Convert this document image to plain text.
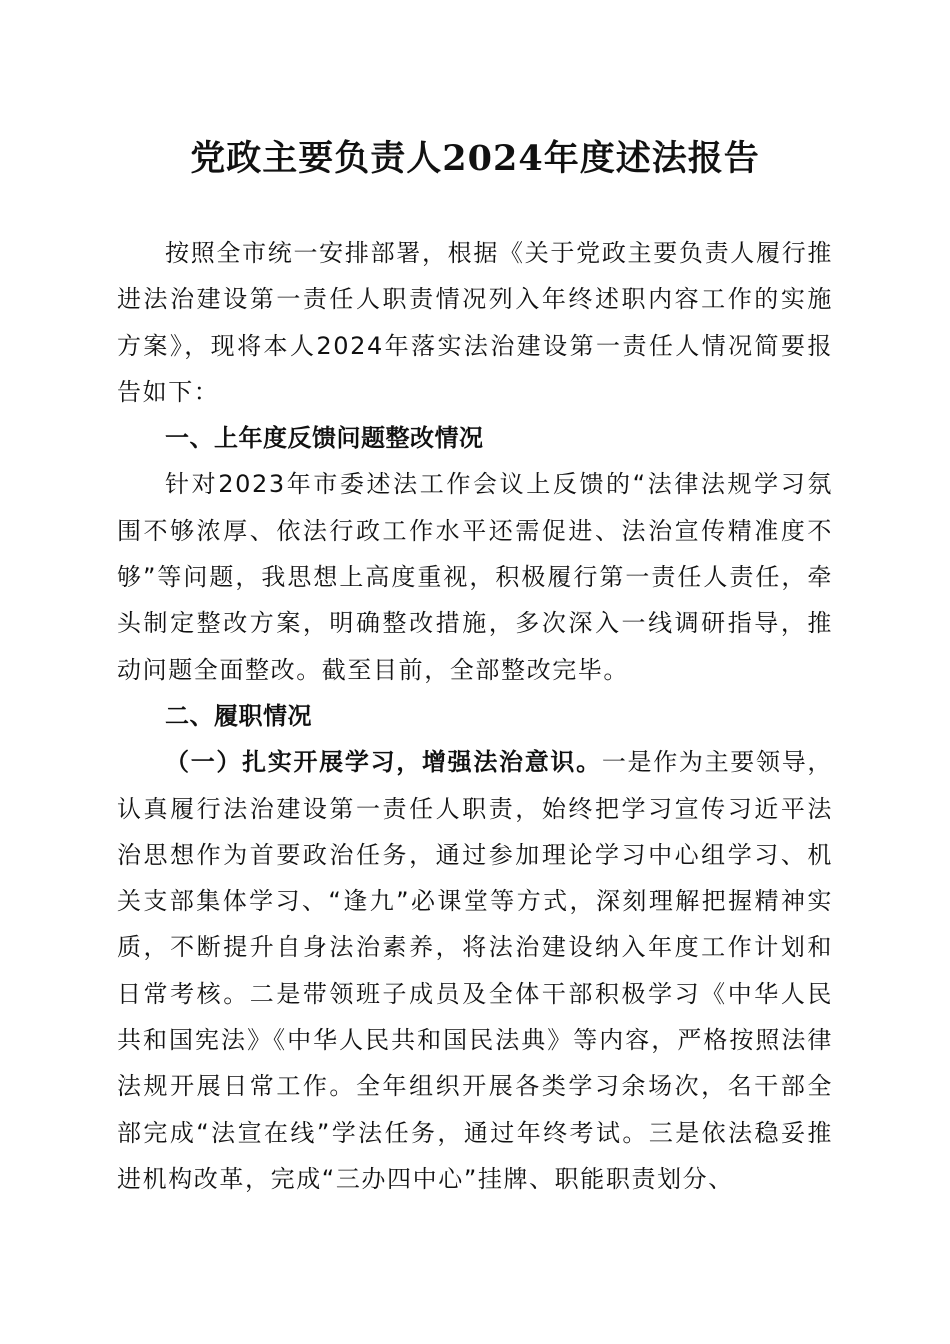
党政主要负责人2024年度述法报告

按照全市统一安排部署，根据《关于党政主要负责人履行推进法治建设第一责任人职责情况列入年终述职内容工作的实施方案》，现将本人2024年落实法治建设第一责任人情况简要报告如下：

一、上年度反馈问题整改情况

针对2023年市委述法工作会议上反馈的“法律法规学习氛围不够浓厚、依法行政工作水平还需促进、法治宣传精准度不够”等问题，我思想上高度重视，积极履行第一责任人责任，牵头制定整改方案，明确整改措施，多次深入一线调研指导，推动问题全面整改。截至目前，全部整改完毕。

二、履职情况

（一）扎实开展学习，增强法治意识。一是作为主要领导，认真履行法治建设第一责任人职责，始终把学习宣传习近平法治思想作为首要政治任务，通过参加理论学习中心组学习、机关支部集体学习、“逢九”必课堂等方式，深刻理解把握精神实质，不断提升自身法治素养，将法治建设纳入年度工作计划和日常考核。二是带领班子成员及全体干部积极学习《中华人民共和国宪法》《中华人民共和国民法典》等内容，严格按照法律法规开展日常工作。全年组织开展各类学习余场次，名干部全部完成“法宣在线”学法任务，通过年终考试。三是依法稳妥推进机构改革，完成“三办四中心”挂牌、职能职责划分、
